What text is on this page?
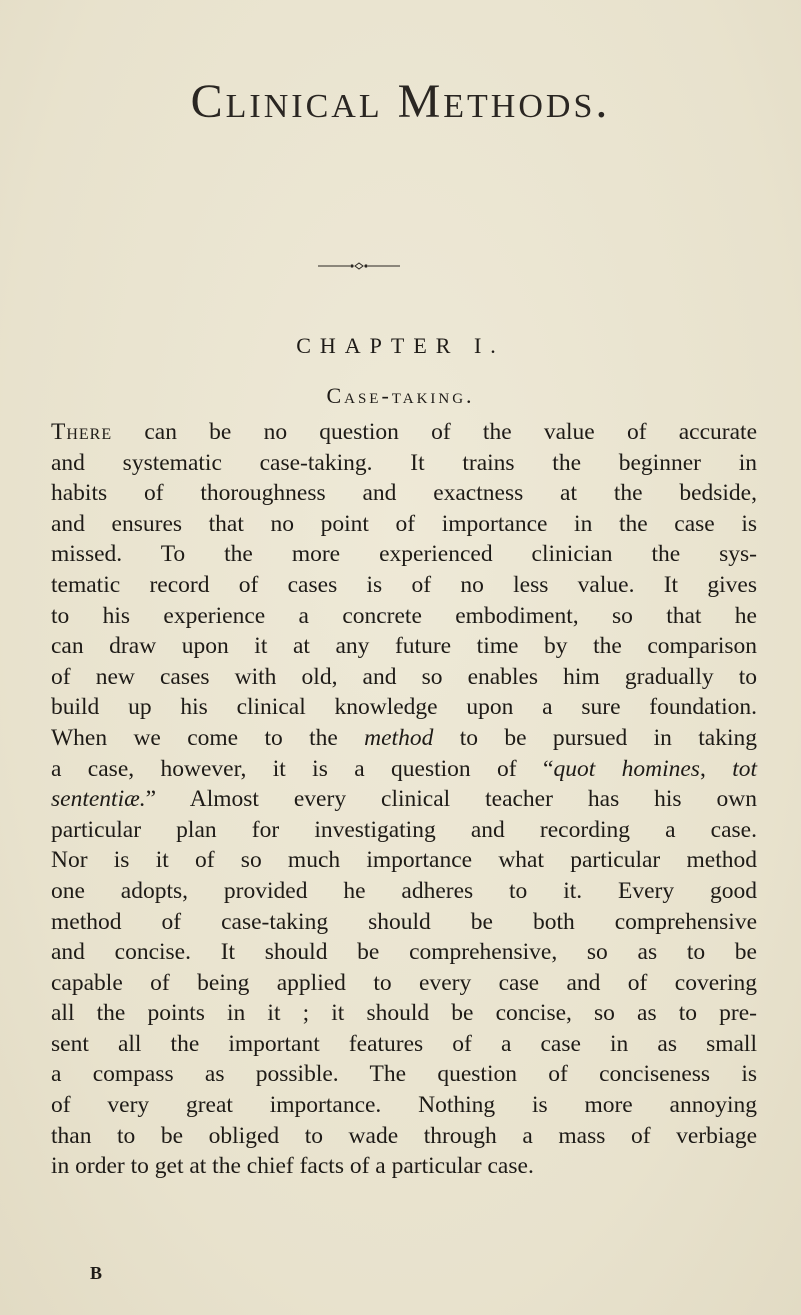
Clinical Methods.
CHAPTER I.
Case-taking.
There can be no question of the value of accurate
and systematic case-taking. It trains the beginner in
habits of thoroughness and exactness at the bedside,
and ensures that no point of importance in the case is
missed. To the more experienced clinician the sys-
tematic record of cases is of no less value. It gives
to his experience a concrete embodiment, so that he
can draw upon it at any future time by the comparison
of new cases with old, and so enables him gradually to
build up his clinical knowledge upon a sure foundation.
When we come to the method to be pursued in taking
a case, however, it is a question of “quot homines, tot
sententiæ.” Almost every clinical teacher has his own
particular plan for investigating and recording a case.
Nor is it of so much importance what particular method
one adopts, provided he adheres to it. Every good
method of case-taking should be both comprehensive
and concise. It should be comprehensive, so as to be
capable of being applied to every case and of covering
all the points in it ; it should be concise, so as to pre-
sent all the important features of a case in as small
a compass as possible. The question of conciseness is
of very great importance. Nothing is more annoying
than to be obliged to wade through a mass of verbiage
in order to get at the chief facts of a particular case.

B
